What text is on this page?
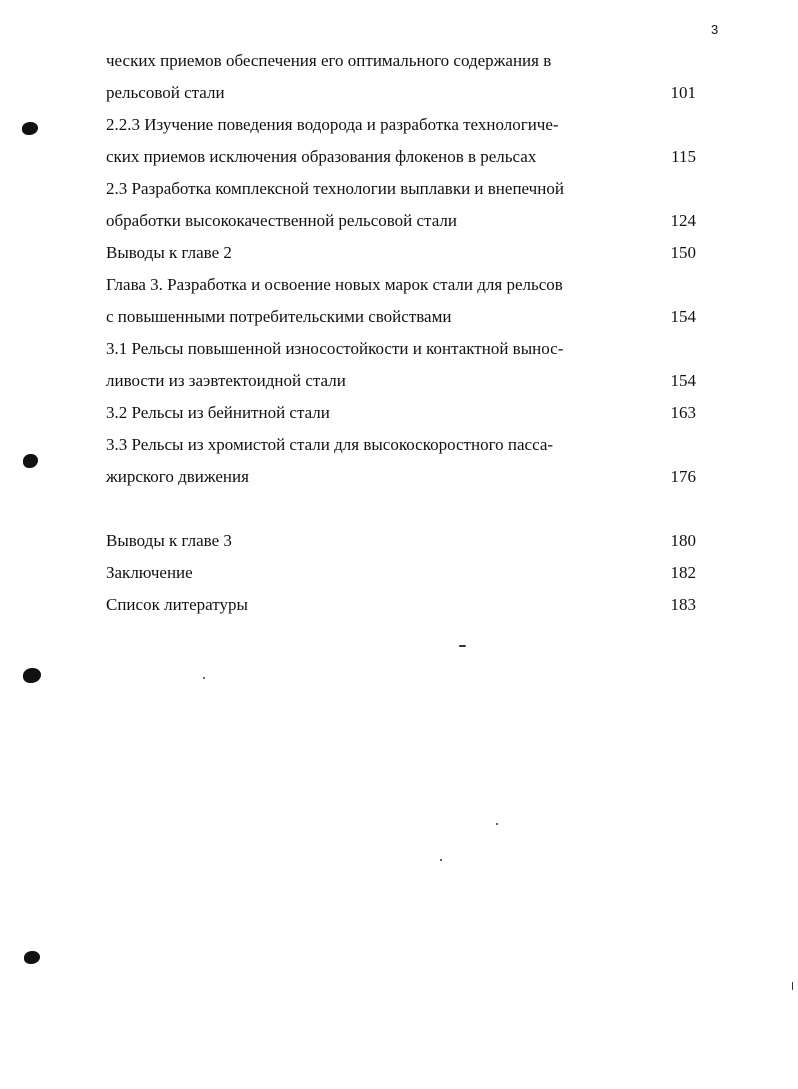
3
ческих приемов обеспечения его оптимального содержания в
рельсовой стали	101
2.2.3 Изучение поведения водорода и разработка технологиче-
ских приемов исключения образования флокенов в рельсах	115
2.3 Разработка комплексной технологии выплавки и внепечной
обработки высококачественной рельсовой стали	124
Выводы к главе 2	150
Глава 3. Разработка и освоение новых марок стали для рельсов
с повышенными потребительскими свойствами	154
3.1 Рельсы повышенной износостойкости и контактной вынос-
ливости из заэвтектоидной стали	154
3.2 Рельсы из бейнитной стали	163
3.3 Рельсы из хромистой стали для высокоскоростного пасса-
жирского движения	176
Выводы к главе 3	180
Заключение	182
Список литературы	183
